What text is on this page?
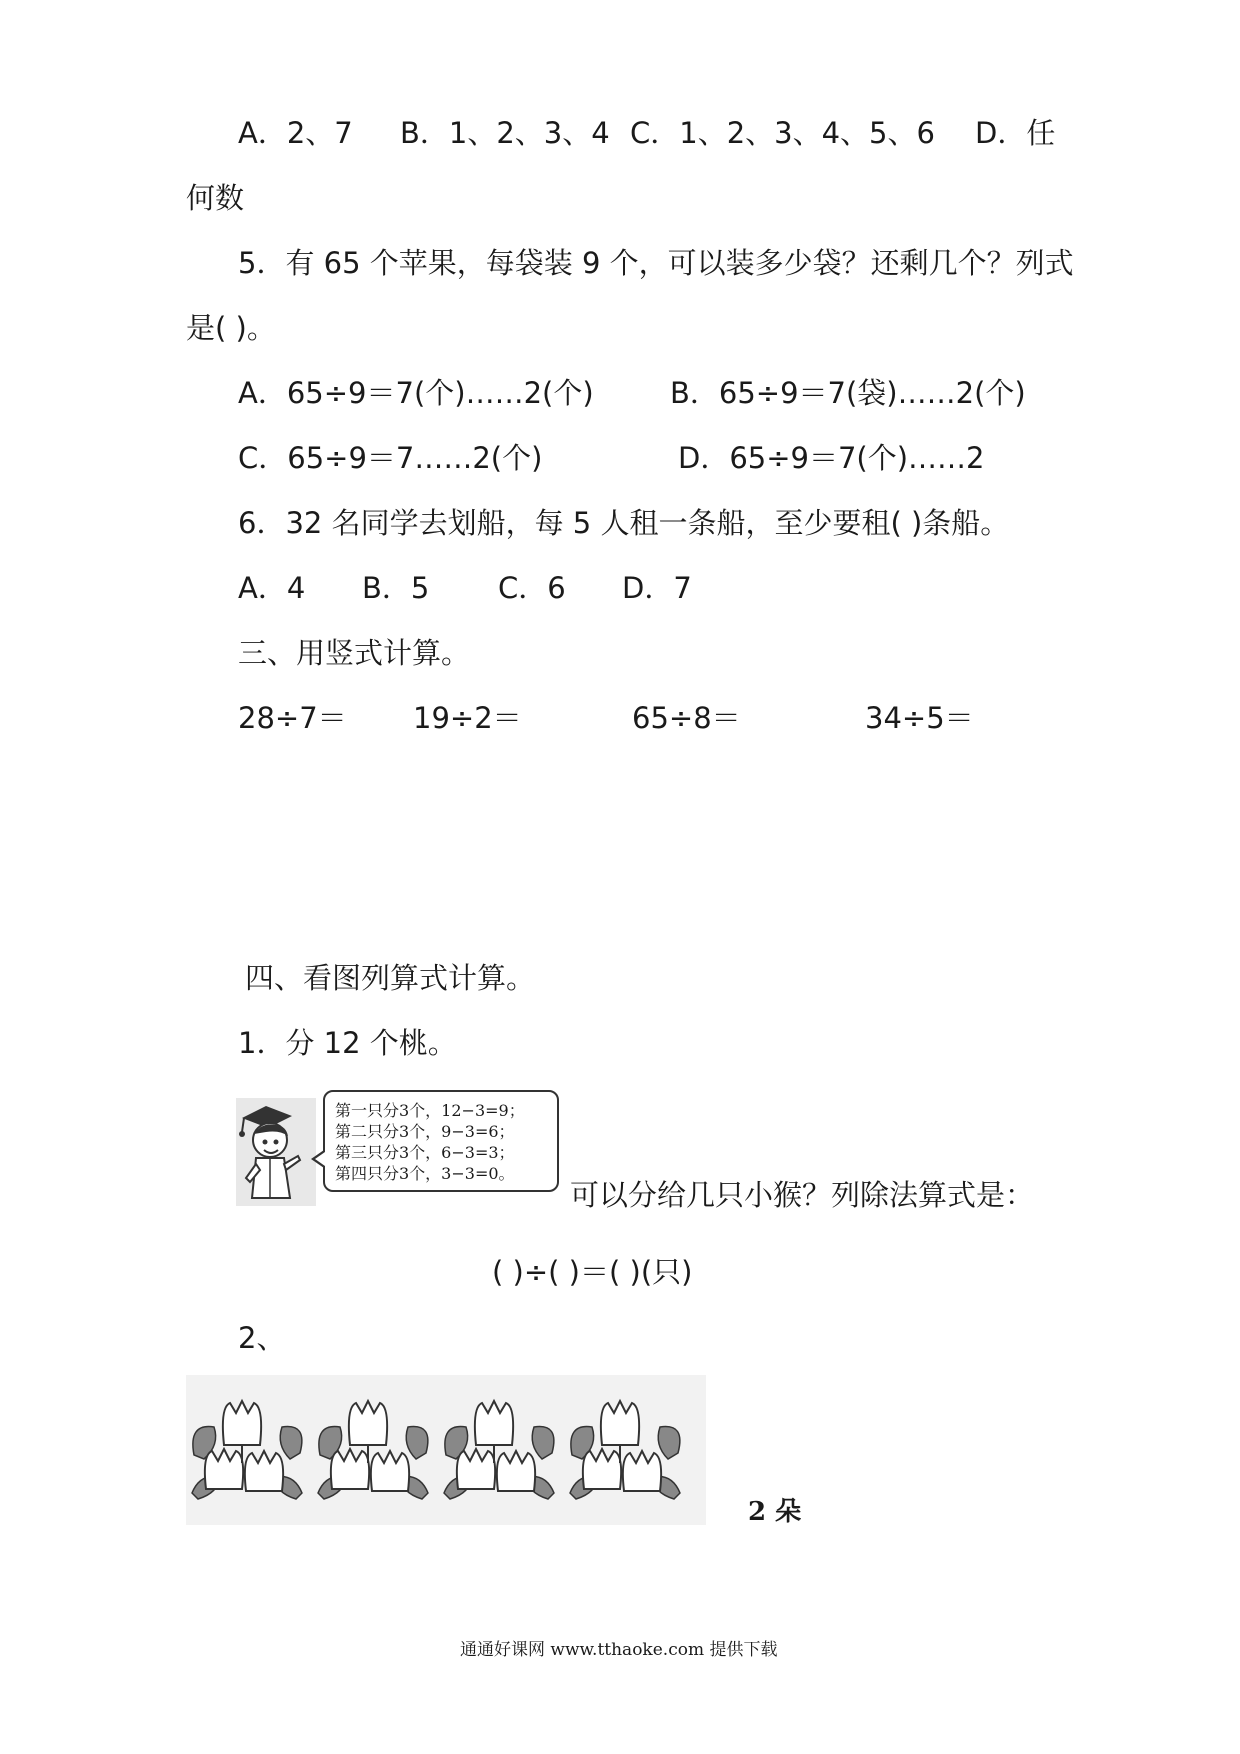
A．2、7 B．1、2、3、4 C．1、2、3、4、5、6 D．任
何数
5．有 65 个苹果，每袋装 9 个，可以装多少袋？还剩几个？列式
是( )。
A．65÷9＝7(个)……2(个)	B．65÷9＝7(袋)……2(个)
C．65÷9＝7……2(个)	D．65÷9＝7(个)……2
6．32 名同学去划船，每 5 人租一条船，至少要租( )条船。
A．4 B．5 C．6 D．7
三、用竖式计算。
28÷7＝ 19÷2＝	65÷8＝	34÷5＝
四、看图列算式计算。
1．分 12 个桃。
第一只分3个，12−3=9；
第二只分3个，9−3=6；
第三只分3个，6−3=3；
第四只分3个，3−3=0。
可以分给几只小猴？列除法算式是：
( )÷( )＝( )(只)
2、
2 朵
通通好课网 www.tthaoke.com 提供下载
